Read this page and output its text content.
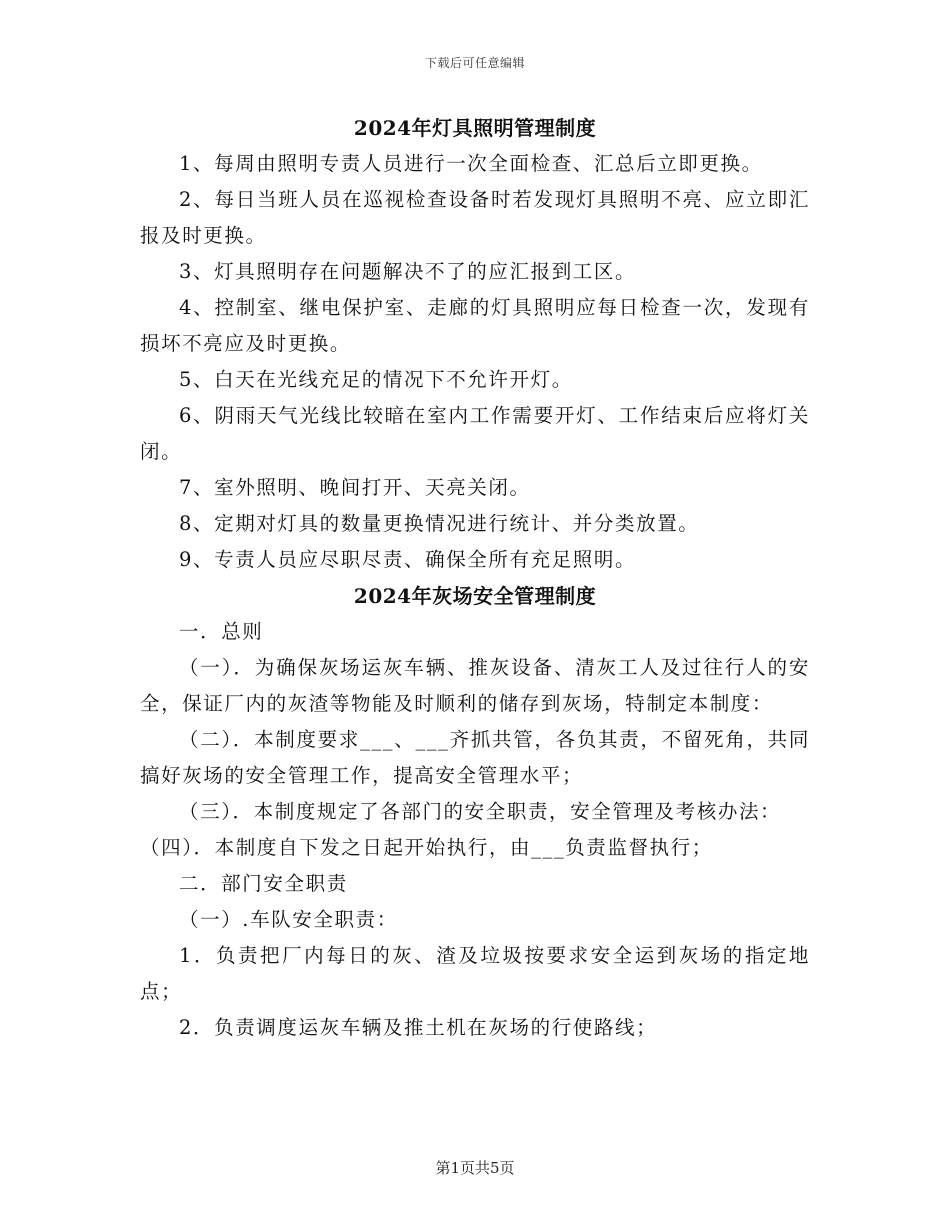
下载后可任意编辑

2024年灯具照明管理制度

1、每周由照明专责人员进行一次全面检查、汇总后立即更换。

2、每日当班人员在巡视检查设备时若发现灯具照明不亮、应立即汇报及时更换。

3、灯具照明存在问题解决不了的应汇报到工区。

4、控制室、继电保护室、走廊的灯具照明应每日检查一次，发现有损坏不亮应及时更换。

5、白天在光线充足的情况下不允许开灯。

6、阴雨天气光线比较暗在室内工作需要开灯、工作结束后应将灯关闭。

7、室外照明、晚间打开、天亮关闭。

8、定期对灯具的数量更换情况进行统计、并分类放置。

9、专责人员应尽职尽责、确保全所有充足照明。

2024年灰场安全管理制度

一．总则

（一）．为确保灰场运灰车辆、推灰设备、清灰工人及过往行人的安全，保证厂内的灰渣等物能及时顺利的储存到灰场，特制定本制度：

（二）．本制度要求___、___齐抓共管，各负其责，不留死角，共同搞好灰场的安全管理工作，提高安全管理水平；

（三）．本制度规定了各部门的安全职责，安全管理及考核办法：

（四）．本制度自下发之日起开始执行，由___负责监督执行；

二．部门安全职责

（一）.车队安全职责：

1．负责把厂内每日的灰、渣及垃圾按要求安全运到灰场的指定地点；

2．负责调度运灰车辆及推土机在灰场的行使路线；

第1页共5页
